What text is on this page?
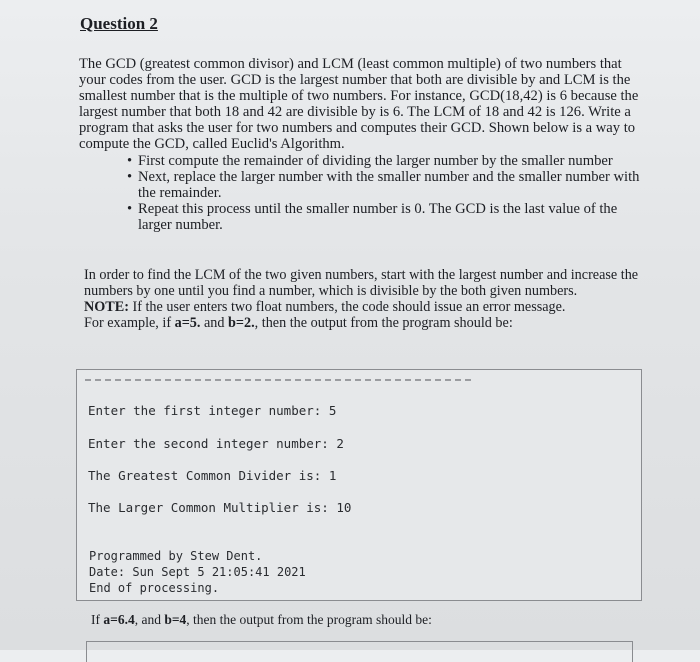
Question 2

The GCD (greatest common divisor) and LCM (least common multiple) of two numbers that your codes from the user. GCD is the largest number that both are divisible by and LCM is the smallest number that is the multiple of two numbers. For instance, GCD(18,42) is 6 because the largest number that both 18 and 42 are divisible by is 6. The LCM of 18 and 42 is 126. Write a program that asks the user for two numbers and computes their GCD. Shown below is a way to compute the GCD, called Euclid's Algorithm.

• First compute the remainder of dividing the larger number by the smaller number
• Next, replace the larger number with the smaller number and the smaller number with the remainder.
• Repeat this process until the smaller number is 0. The GCD is the last value of the larger number.

In order to find the LCM of the two given numbers, start with the largest number and increase the numbers by one until you find a number, which is divisible by the both given numbers.

NOTE: If the user enters two float numbers, the code should issue an error message.

For example, if a=5. and b=2., then the output from the program should be:

Enter the first integer number: 5
Enter the second integer number: 2
The Greatest Common Divider is: 1
The Larger Common Multiplier is: 10
Programmed by Stew Dent.
Date: Sun Sept 5 21:05:41 2021
End of processing.
If a=6.4, and b=4, then the output from the program should be:
